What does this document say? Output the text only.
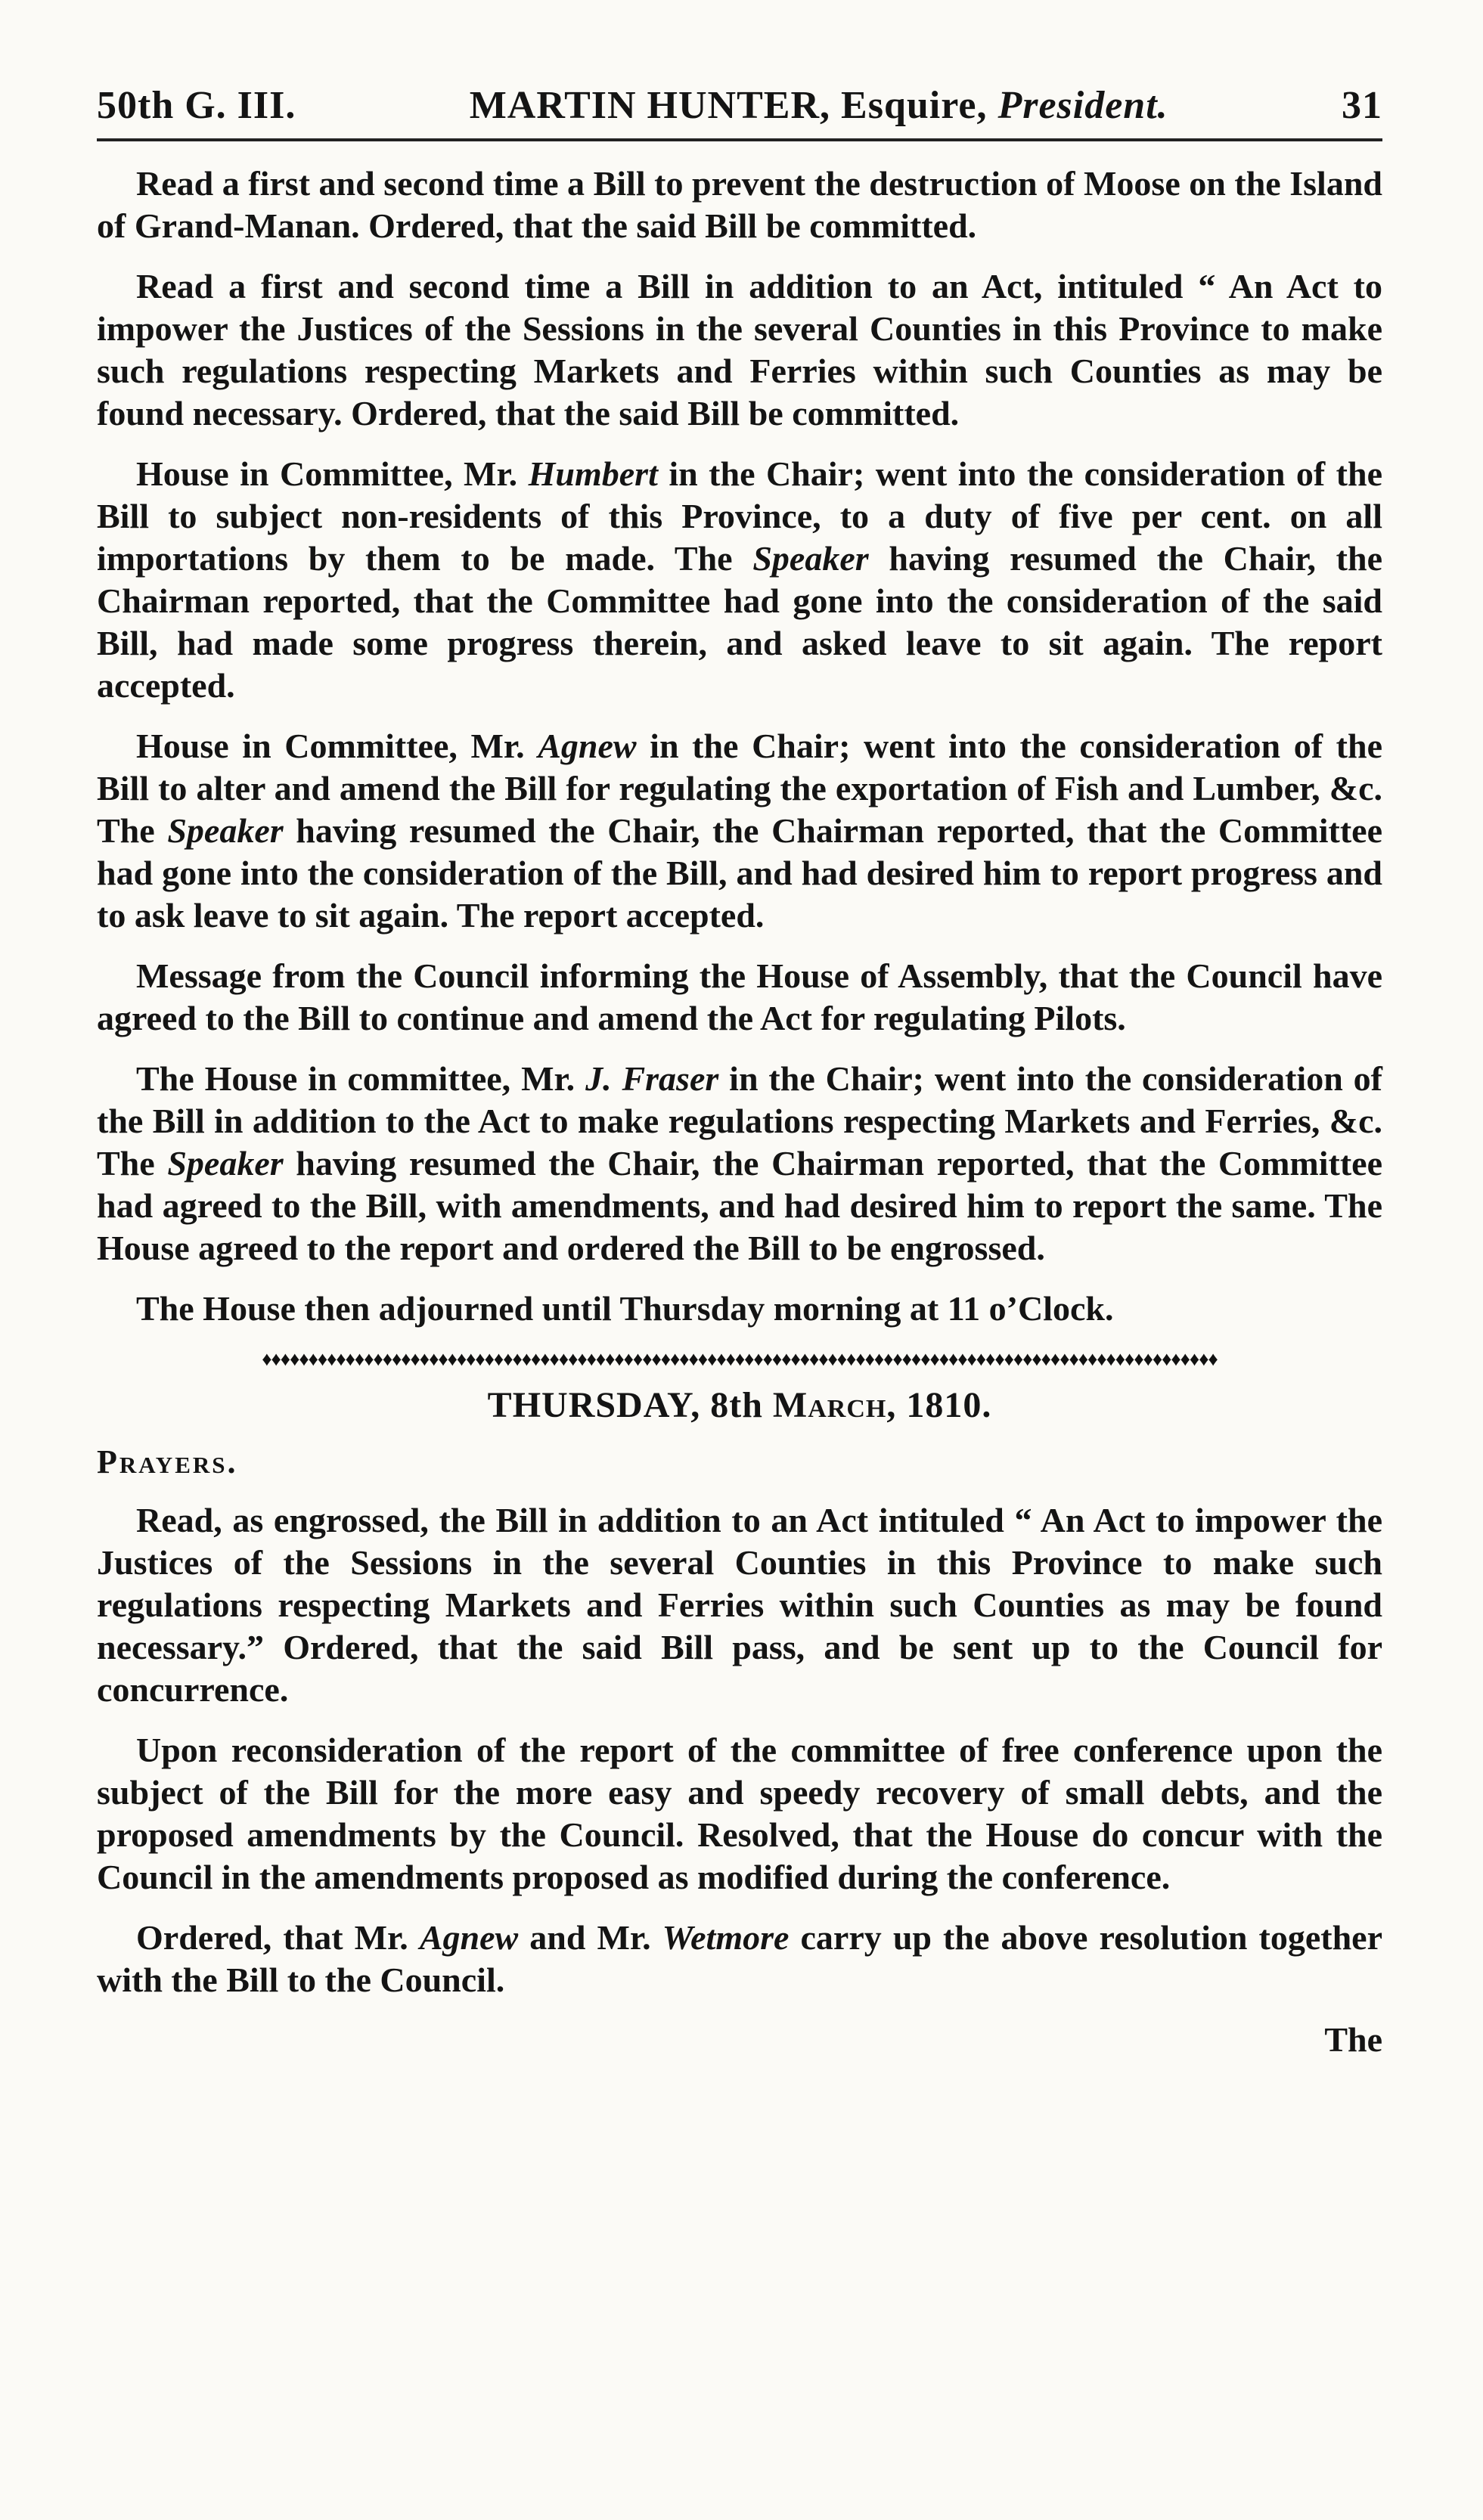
50th G. III.	MARTIN HUNTER, Esquire, President.	31

Read a first and second time a Bill to prevent the destruction of Moose on the Island of Grand-Manan. Ordered, that the said Bill be committed.

Read a first and second time a Bill in addition to an Act, intituled “ An Act to impower the Justices of the Sessions in the several Counties in this Province to make such regulations respecting Markets and Ferries within such Counties as may be found necessary. Ordered, that the said Bill be committed.

House in Committee, Mr. Humbert in the Chair; went into the consideration of the Bill to subject non-residents of this Province, to a duty of five per cent. on all importations by them to be made. The Speaker having resumed the Chair, the Chairman reported, that the Committee had gone into the consideration of the said Bill, had made some progress therein, and asked leave to sit again. The report accepted.

House in Committee, Mr. Agnew in the Chair; went into the consideration of the Bill to alter and amend the Bill for regulating the exportation of Fish and Lumber, &c. The Speaker having resumed the Chair, the Chairman reported, that the Committee had gone into the consideration of the Bill, and had desired him to report progress and to ask leave to sit again. The report accepted.

Message from the Council informing the House of Assembly, that the Council have agreed to the Bill to continue and amend the Act for regulating Pilots.

The House in committee, Mr. J. Fraser in the Chair; went into the consideration of the Bill in addition to the Act to make regulations respecting Markets and Ferries, &c. The Speaker having resumed the Chair, the Chairman reported, that the Committee had agreed to the Bill, with amendments, and had desired him to report the same. The House agreed to the report and ordered the Bill to be engrossed.

The House then adjourned until Thursday morning at 11 o’Clock.

♦♦♦♦♦♦♦♦♦♦♦♦♦♦♦♦♦♦♦♦♦♦♦♦♦♦♦♦♦♦♦♦♦♦♦♦♦♦♦♦♦♦♦♦♦♦♦♦♦♦♦♦♦♦♦♦♦♦♦♦♦♦♦♦♦♦♦♦♦♦♦♦♦♦♦♦♦♦♦♦♦♦♦♦♦♦♦♦♦♦♦♦♦♦♦♦♦♦♦♦♦♦♦
THURSDAY, 8th March, 1810.
Prayers.

Read, as engrossed, the Bill in addition to an Act intituled “ An Act to impower the Justices of the Sessions in the several Counties in this Province to make such regulations respecting Markets and Ferries within such Counties as may be found necessary.” Ordered, that the said Bill pass, and be sent up to the Council for concurrence.

Upon reconsideration of the report of the committee of free conference upon the subject of the Bill for the more easy and speedy recovery of small debts, and the proposed amendments by the Council. Resolved, that the House do concur with the Council in the amendments proposed as modified during the conference.

Ordered, that Mr. Agnew and Mr. Wetmore carry up the above resolution together with the Bill to the Council.

The
